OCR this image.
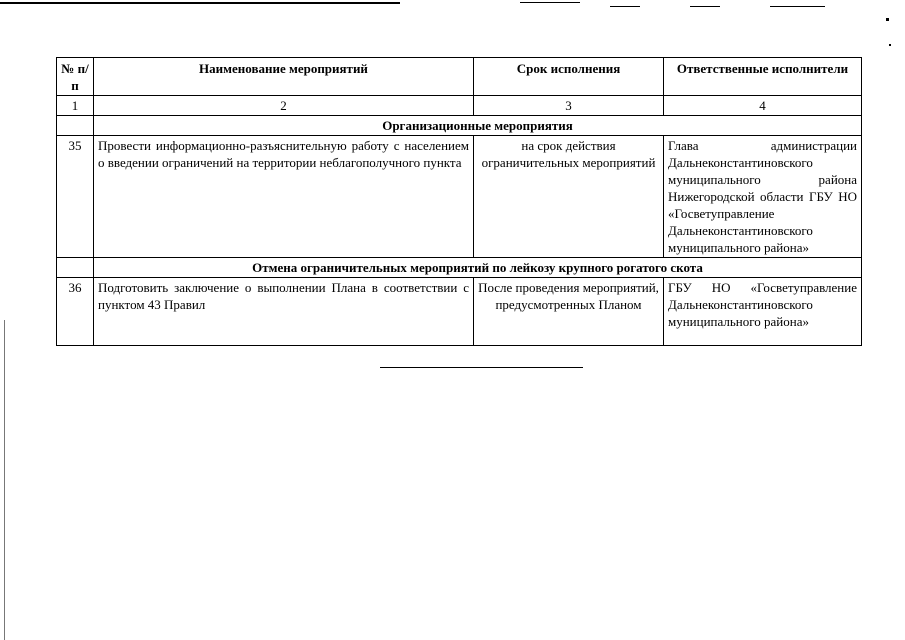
№ п/п	Наименование мероприятий	Срок исполнения	Ответственные исполнители
1	2	3	4
	Организационные мероприятия		
35	Провести информационно-разъяснительную работу с населением о введении ограничений на территории неблагополучного пункта	на срок действия ограничительных мероприятий	Глава администрации Дальнеконстантиновского муниципального района Нижегородской области ГБУ НО «Госветуправление Дальнеконстантиновского муниципального района»
	Отмена ограничительных мероприятий по лейкозу крупного рогатого скота		
36	Подготовить заключение о выполнении Плана в соответствии с пунктом 43 Правил	После проведения мероприятий, предусмотренных Планом	ГБУ НО «Госветуправление Дальнеконстантиновского муниципального района»
